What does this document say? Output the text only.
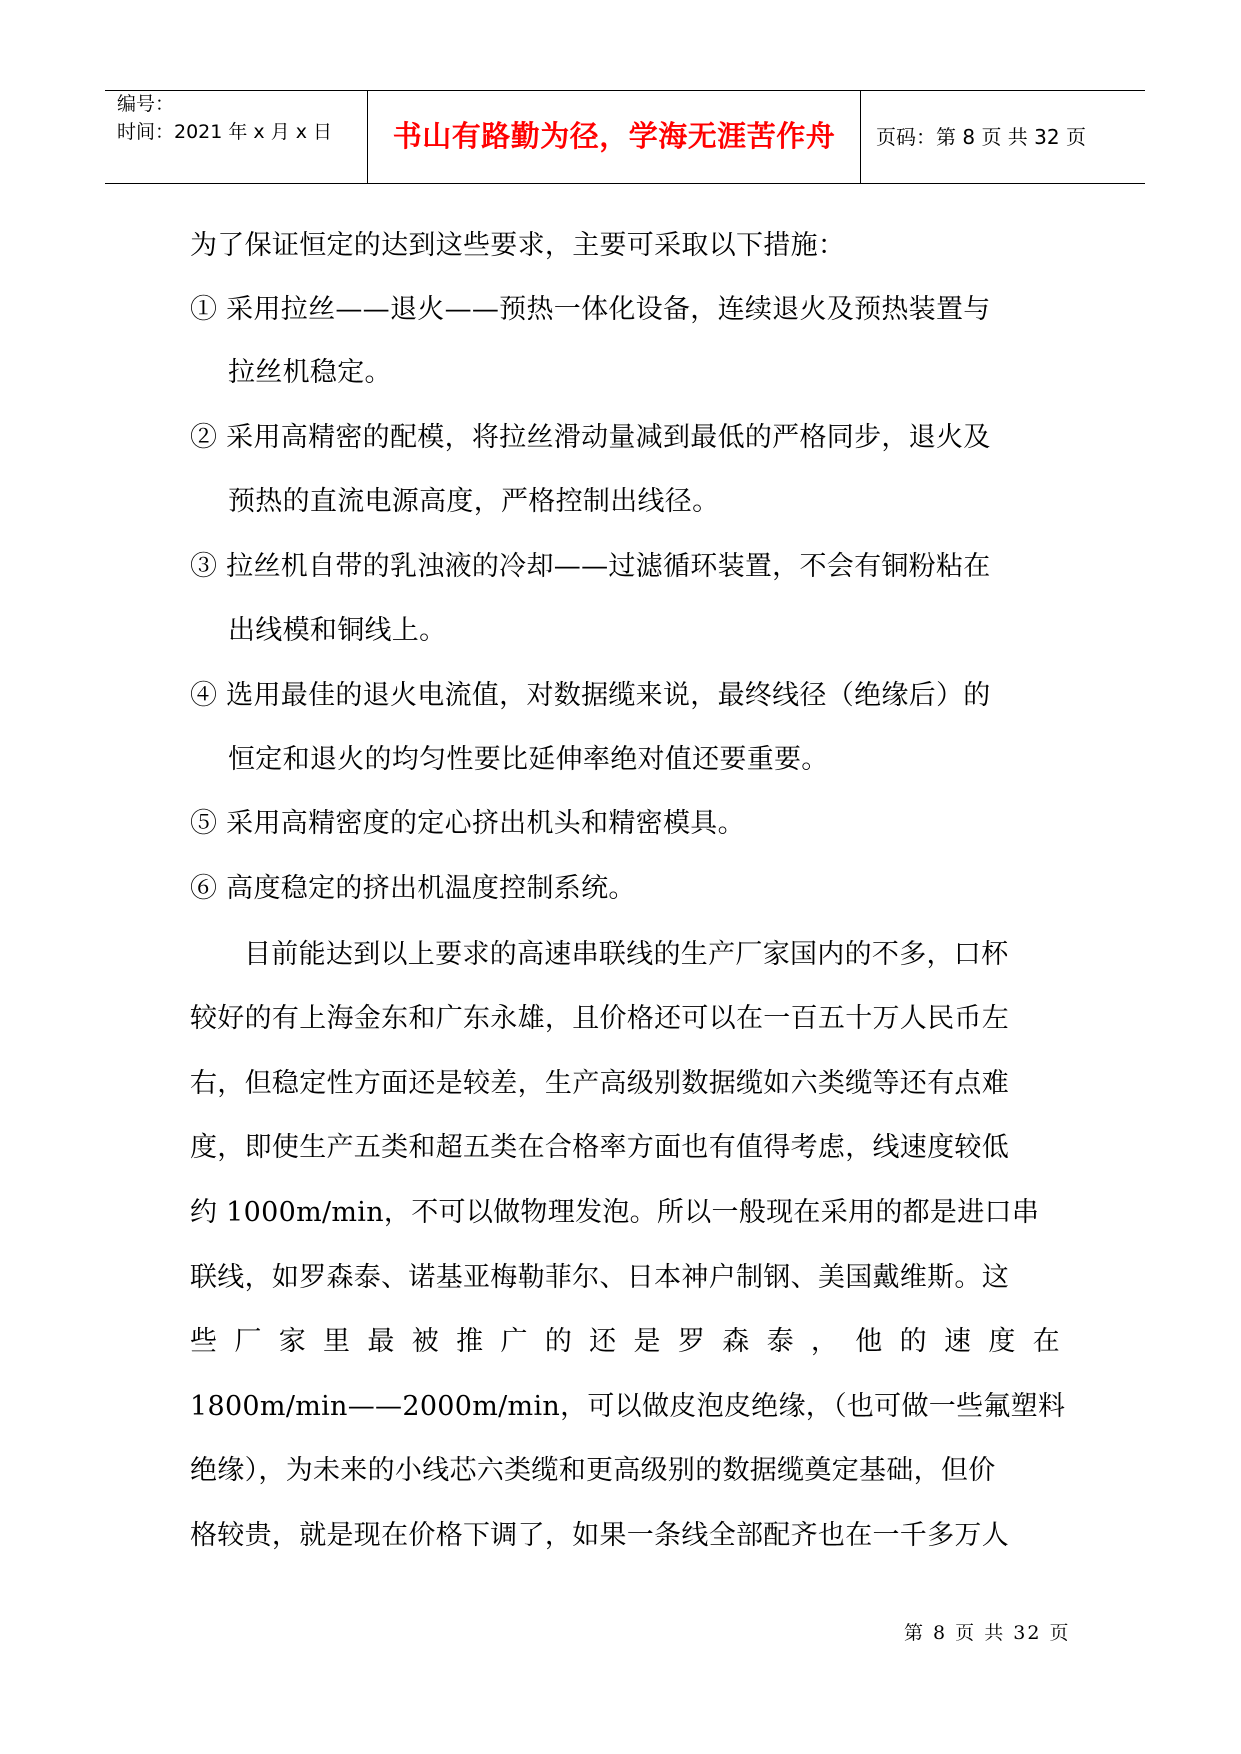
编号：
时间：2021 年 x 月 x 日	书山有路勤为径，学海无涯苦作舟	页码：第 8 页 共 32 页
为了保证恒定的达到这些要求，主要可采取以下措施：
① 采用拉丝——退火——预热一体化设备，连续退火及预热装置与
拉丝机稳定。
② 采用高精密的配模，将拉丝滑动量减到最低的严格同步，退火及
预热的直流电源高度，严格控制出线径。
③ 拉丝机自带的乳浊液的冷却——过滤循环装置，不会有铜粉粘在
出线模和铜线上。
④ 选用最佳的退火电流值，对数据缆来说，最终线径（绝缘后）的
恒定和退火的均匀性要比延伸率绝对值还要重要。
⑤ 采用高精密度的定心挤出机头和精密模具。
⑥ 高度稳定的挤出机温度控制系统。
目前能达到以上要求的高速串联线的生产厂家国内的不多，口杯
较好的有上海金东和广东永雄，且价格还可以在一百五十万人民币左
右，但稳定性方面还是较差，生产高级别数据缆如六类缆等还有点难
度，即使生产五类和超五类在合格率方面也有值得考虑，线速度较低
约 1000m/min，不可以做物理发泡。所以一般现在采用的都是进口串
联线，如罗森泰、诺基亚梅勒菲尔、日本神户制钢、美国戴维斯。这
些 厂 家 里 最 被 推 广 的 还 是 罗 森 泰 ， 他 的 速 度 在
1800m/min——2000m/min，可以做皮泡皮绝缘，（也可做一些氟塑料
绝缘），为未来的小线芯六类缆和更高级别的数据缆奠定基础，但价
格较贵，就是现在价格下调了，如果一条线全部配齐也在一千多万人
第 8 页 共 32 页
